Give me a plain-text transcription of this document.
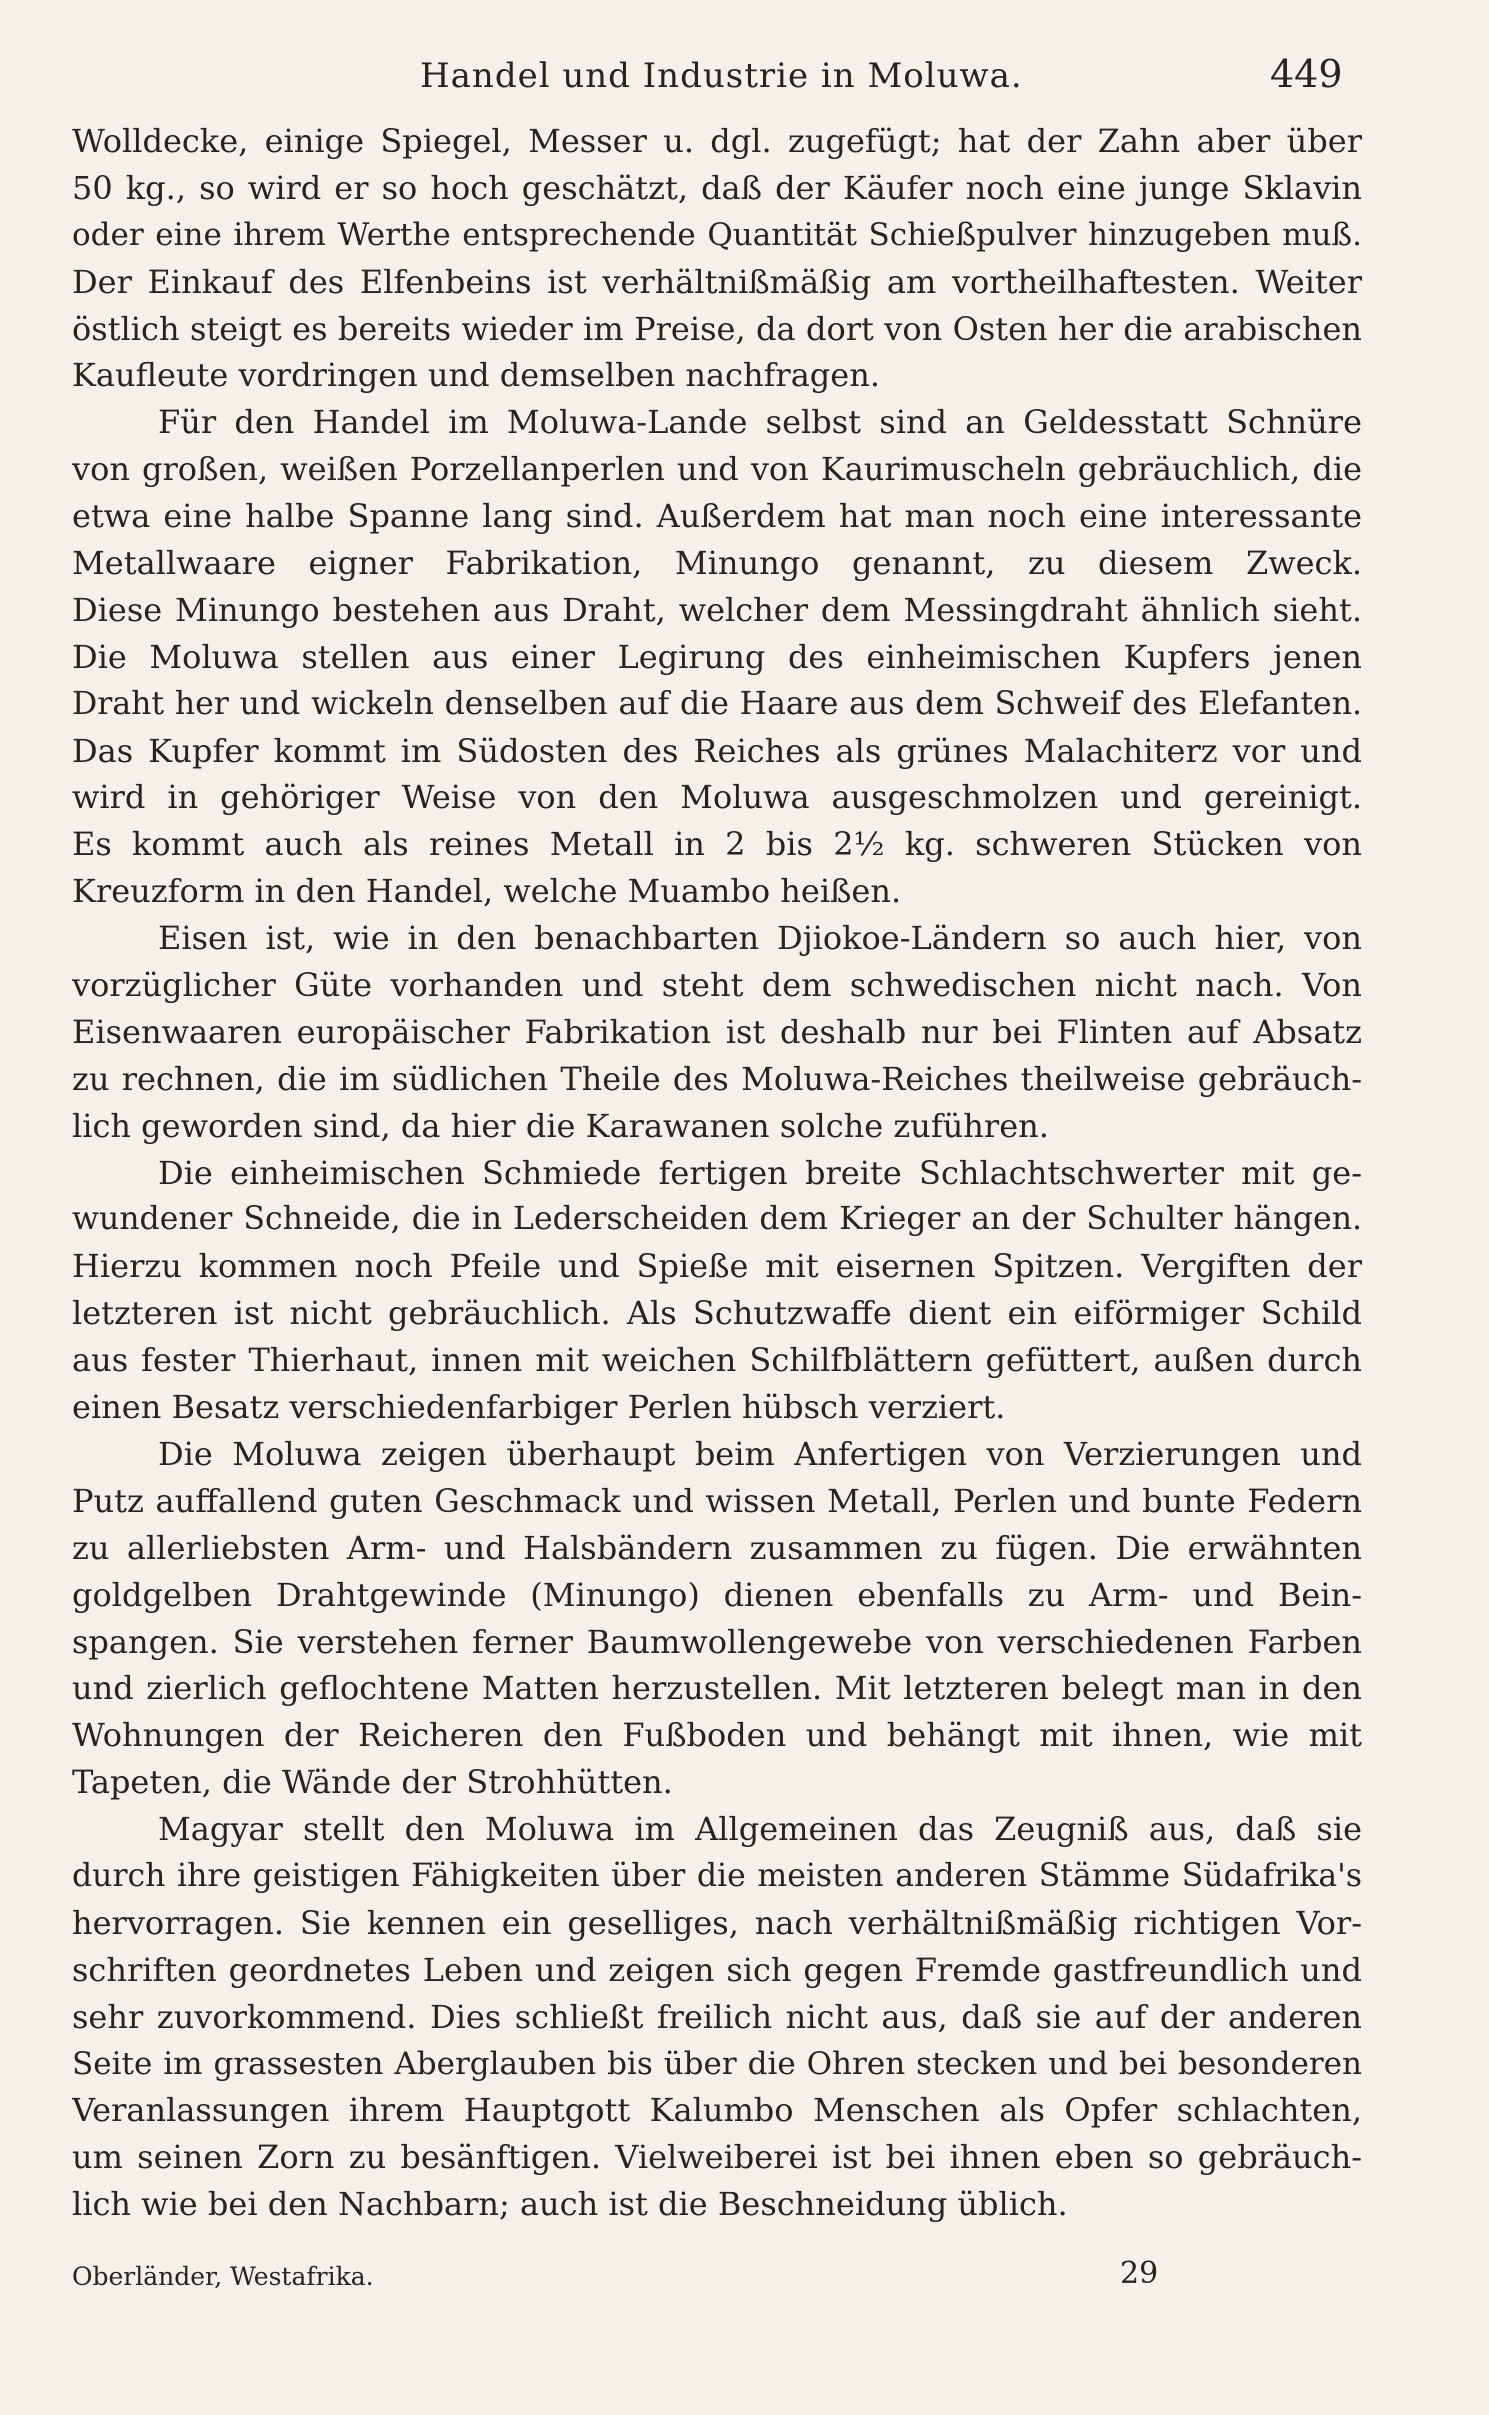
Handel und Industrie in Moluwa.	449
Wolldecke, einige Spiegel, Messer u. dgl. zugefügt; hat der Zahn aber über
50 kg., so wird er so hoch geschätzt, daß der Käufer noch eine junge Sklavin
oder eine ihrem Werthe entsprechende Quantität Schießpulver hinzugeben muß.
Der Einkauf des Elfenbeins ist verhältnißmäßig am vortheilhaftesten. Weiter
östlich steigt es bereits wieder im Preise, da dort von Osten her die arabischen
Kaufleute vordringen und demselben nachfragen.
Für den Handel im Moluwa-Lande selbst sind an Geldesstatt Schnüre
von großen, weißen Porzellanperlen und von Kaurimuscheln gebräuchlich, die
etwa eine halbe Spanne lang sind. Außerdem hat man noch eine interessante
Metallwaare eigner Fabrikation, Minungo genannt, zu diesem Zweck.
Diese Minungo bestehen aus Draht, welcher dem Messingdraht ähnlich sieht.
Die Moluwa stellen aus einer Legirung des einheimischen Kupfers jenen
Draht her und wickeln denselben auf die Haare aus dem Schweif des Elefanten.
Das Kupfer kommt im Südosten des Reiches als grünes Malachiterz vor und
wird in gehöriger Weise von den Moluwa ausgeschmolzen und gereinigt.
Es kommt auch als reines Metall in 2 bis 2½ kg. schweren Stücken von
Kreuzform in den Handel, welche Muambo heißen.
Eisen ist, wie in den benachbarten Djiokoe-Ländern so auch hier, von
vorzüglicher Güte vorhanden und steht dem schwedischen nicht nach. Von
Eisenwaaren europäischer Fabrikation ist deshalb nur bei Flinten auf Absatz
zu rechnen, die im südlichen Theile des Moluwa-Reiches theilweise gebräuch-
lich geworden sind, da hier die Karawanen solche zuführen.
Die einheimischen Schmiede fertigen breite Schlachtschwerter mit ge-
wundener Schneide, die in Lederscheiden dem Krieger an der Schulter hängen.
Hierzu kommen noch Pfeile und Spieße mit eisernen Spitzen. Vergiften der
letzteren ist nicht gebräuchlich. Als Schutzwaffe dient ein eiförmiger Schild
aus fester Thierhaut, innen mit weichen Schilfblättern gefüttert, außen durch
einen Besatz verschiedenfarbiger Perlen hübsch verziert.
Die Moluwa zeigen überhaupt beim Anfertigen von Verzierungen und
Putz auffallend guten Geschmack und wissen Metall, Perlen und bunte Federn
zu allerliebsten Arm- und Halsbändern zusammen zu fügen. Die erwähnten
goldgelben Drahtgewinde (Minungo) dienen ebenfalls zu Arm- und Bein-
spangen. Sie verstehen ferner Baumwollengewebe von verschiedenen Farben
und zierlich geflochtene Matten herzustellen. Mit letzteren belegt man in den
Wohnungen der Reicheren den Fußboden und behängt mit ihnen, wie mit
Tapeten, die Wände der Strohhütten.
Magyar stellt den Moluwa im Allgemeinen das Zeugniß aus, daß sie
durch ihre geistigen Fähigkeiten über die meisten anderen Stämme Südafrika's
hervorragen. Sie kennen ein geselliges, nach verhältnißmäßig richtigen Vor-
schriften geordnetes Leben und zeigen sich gegen Fremde gastfreundlich und
sehr zuvorkommend. Dies schließt freilich nicht aus, daß sie auf der anderen
Seite im grassesten Aberglauben bis über die Ohren stecken und bei besonderen
Veranlassungen ihrem Hauptgott Kalumbo Menschen als Opfer schlachten,
um seinen Zorn zu besänftigen. Vielweiberei ist bei ihnen eben so gebräuch-
lich wie bei den Nachbarn; auch ist die Beschneidung üblich.
Oberländer, Westafrika.	29
